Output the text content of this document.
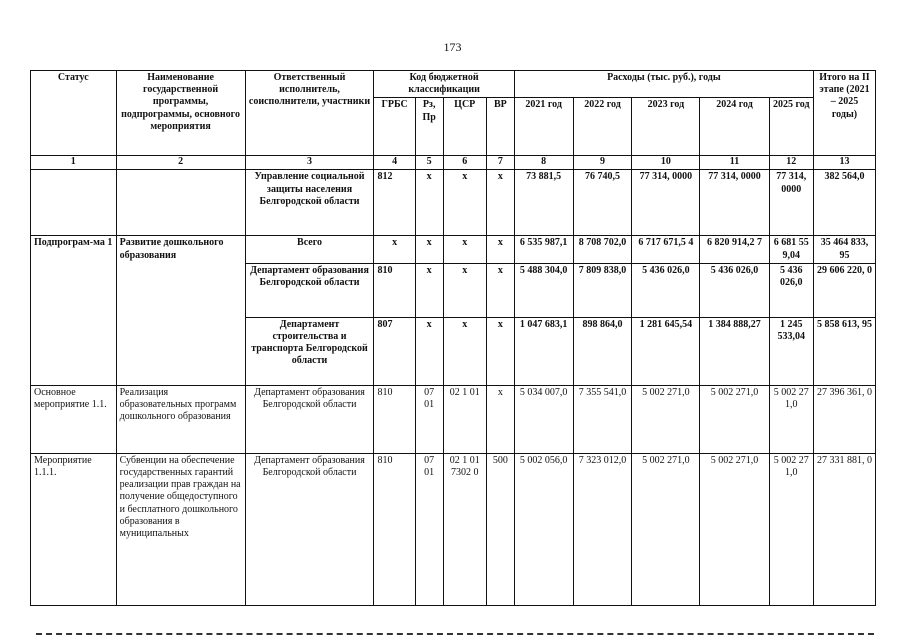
173
Статус	Наименование государственной программы, подпрограммы, основного мероприятия	Ответственный исполнитель, соисполнители, участники	Код бюджетной классификации				Расходы (тыс. руб.), годы					Итого на II этапе (2021 – 2025 годы)
			ГРБС	Рз, Пр	ЦСР	ВР	2021 год	2022 год	2023 год	2024 год	2025 год	
1	2	3	4	5	6	7	8	9	10	11	12	13
		Управление социальной защиты населения Белгородской области	812	х	х	х	73 881,5	76 740,5	77 314, 0000	77 314, 0000	77 314, 0000	382 564,0
Подпрограм-ма 1	Развитие дошкольного образования	Всего	х	х	х	х	6 535 987,1	8 708 702,0	6 717 671,5 4	6 820 914,2 7	6 681 55 9,04	35 464 833, 95
		Департамент образования Белгородской области	810	х	х	х	5 488 304,0	7 809 838,0	5 436 026,0	5 436 026,0	5 436 026,0	29 606 220, 0
		Департамент строительства и транспорта Белгородской области	807	х	х	х	1 047 683,1	898 864,0	1 281 645,54	1 384 888,27	1 245 533,04	5 858 613, 95
Основное мероприятие 1.1.	Реализация образовательных программ дошкольного образования	Департамент образования Белгородской области	810	07 01	02 1 01	х	5 034 007,0	7 355 541,0	5 002 271,0	5 002 271,0	5 002 27 1,0	27 396 361, 0
Мероприятие 1.1.1.	Субвенции на обеспечение государственных гарантий реализации прав граждан на получение общедоступного и бесплатного дошкольного образования в муниципальных	Департамент образования Белгородской области	810	07 01	02 1 01 7302 0	500	5 002 056,0	7 323 012,0	5 002 271,0	5 002 271,0	5 002 27 1,0	27 331 881, 0
